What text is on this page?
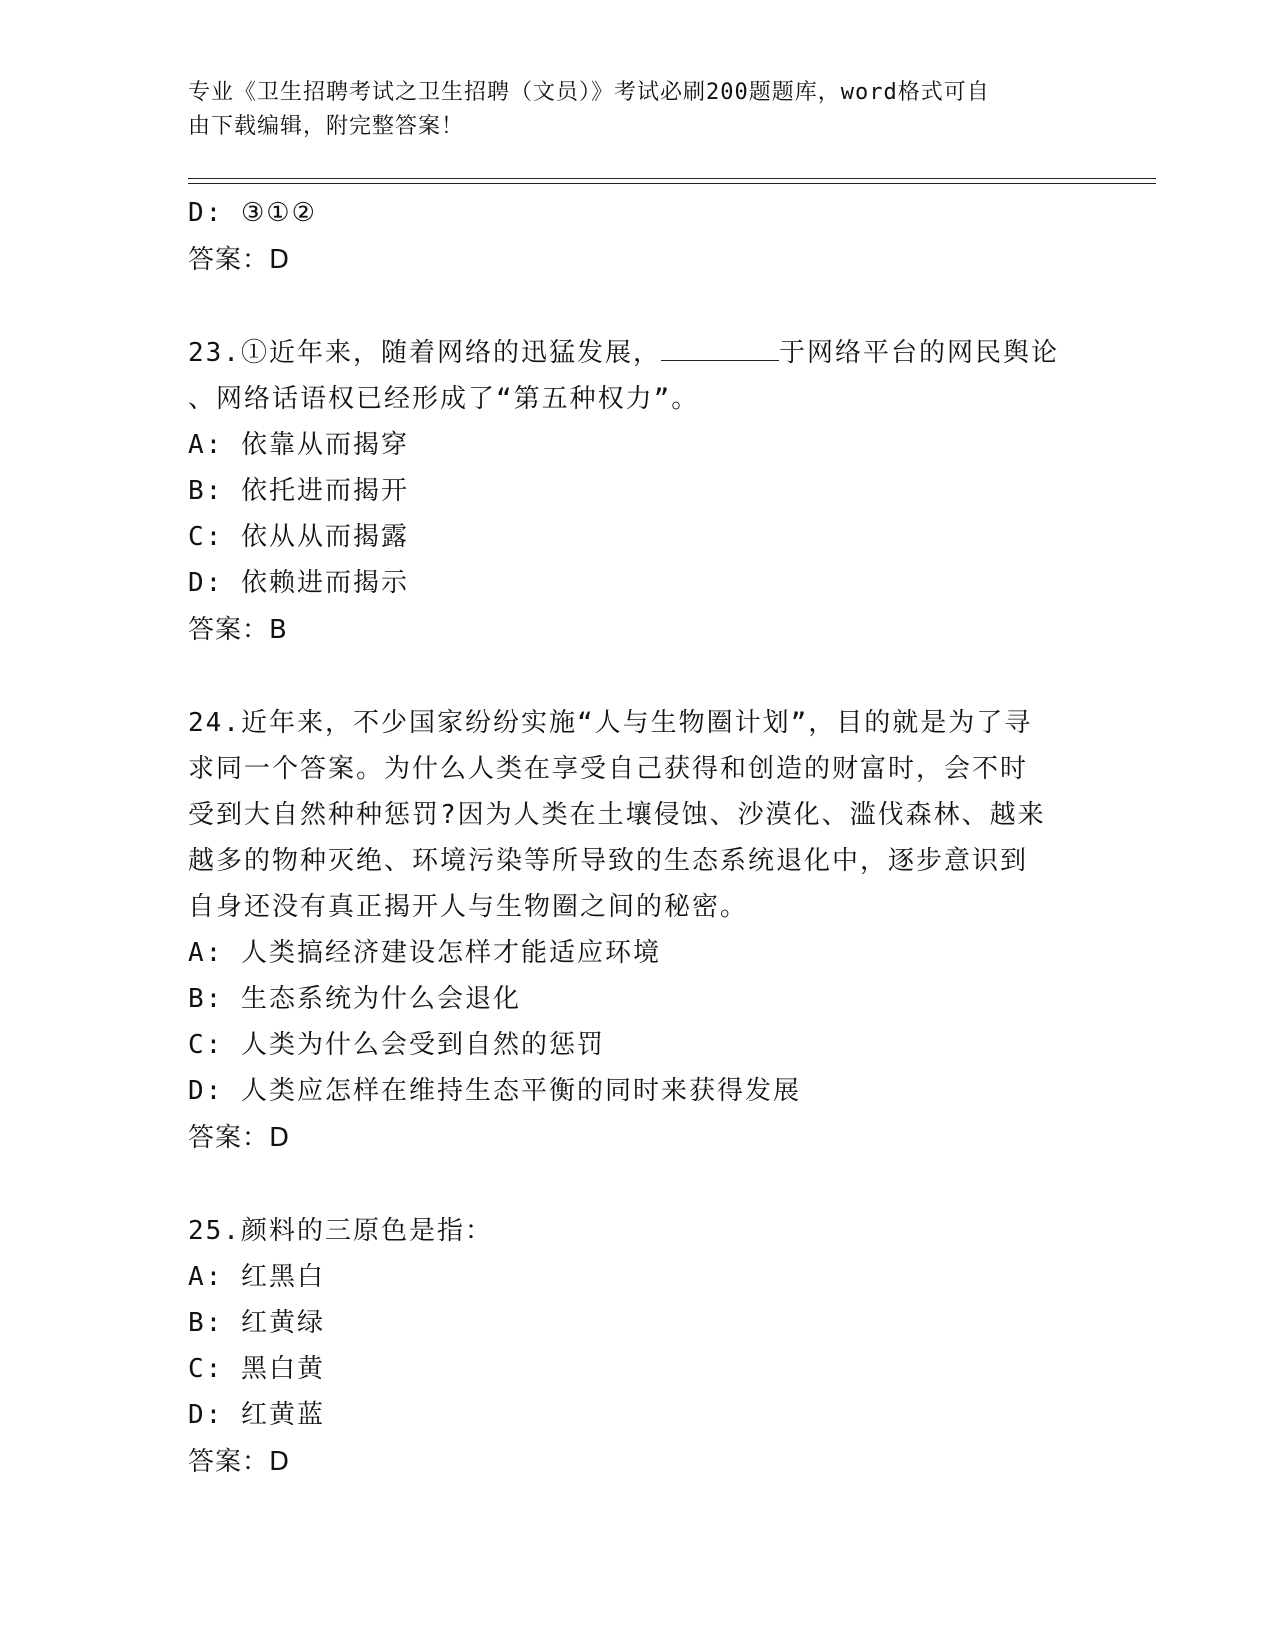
专业《卫生招聘考试之卫生招聘（文员）》考试必刷200题题库，word格式可自
由下载编辑，附完整答案！
D: ③①②
答案：D
23.①近年来，随着网络的迅猛发展，	于网络平台的网民舆论
、网络话语权已经形成了“第五种权力”。
A: 依靠从而揭穿
B: 依托进而揭开
C: 依从从而揭露
D: 依赖进而揭示
答案：B
24.近年来，不少国家纷纷实施“人与生物圈计划”，目的就是为了寻
求同一个答案。为什么人类在享受自己获得和创造的财富时，会不时
受到大自然种种惩罚?因为人类在土壤侵蚀、沙漠化、滥伐森林、越来
越多的物种灭绝、环境污染等所导致的生态系统退化中，逐步意识到
自身还没有真正揭开人与生物圈之间的秘密。
A: 人类搞经济建设怎样才能适应环境
B: 生态系统为什么会退化
C: 人类为什么会受到自然的惩罚
D: 人类应怎样在维持生态平衡的同时来获得发展
答案：D
25.颜料的三原色是指：
A: 红黑白
B: 红黄绿
C: 黑白黄
D: 红黄蓝
答案：D
